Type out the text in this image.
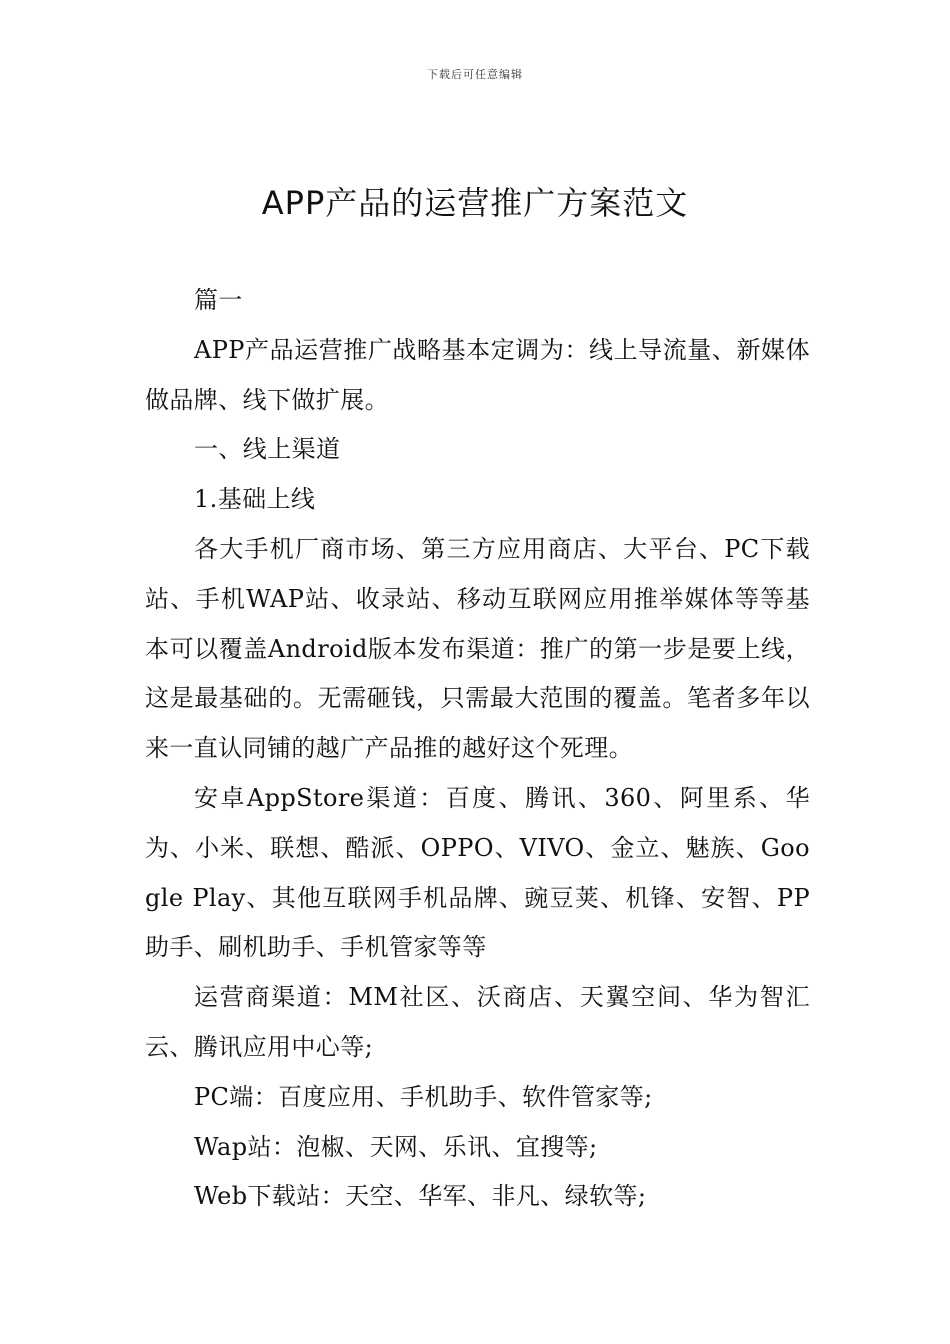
下载后可任意编辑
APP产品的运营推广方案范文

篇一

APP产品运营推广战略基本定调为：线上导流量、新媒体做品牌、线下做扩展。

一、线上渠道

1.基础上线

各大手机厂商市场、第三方应用商店、大平台、PC下载站、手机WAP站、收录站、移动互联网应用推举媒体等等基本可以覆盖Android版本发布渠道：推广的第一步是要上线，这是最基础的。无需砸钱，只需最大范围的覆盖。笔者多年以来一直认同铺的越广产品推的越好这个死理。

安卓AppStore渠道：百度、腾讯、360、阿里系、华为、小米、联想、酷派、OPPO、VIVO、金立、魅族、Google Play、其他互联网手机品牌、豌豆荚、机锋、安智、PP助手、刷机助手、手机管家等等

运营商渠道：MM社区、沃商店、天翼空间、华为智汇云、腾讯应用中心等;

PC端：百度应用、手机助手、软件管家等;

Wap站：泡椒、天网、乐讯、宜搜等;

Web下载站：天空、华军、非凡、绿软等;
